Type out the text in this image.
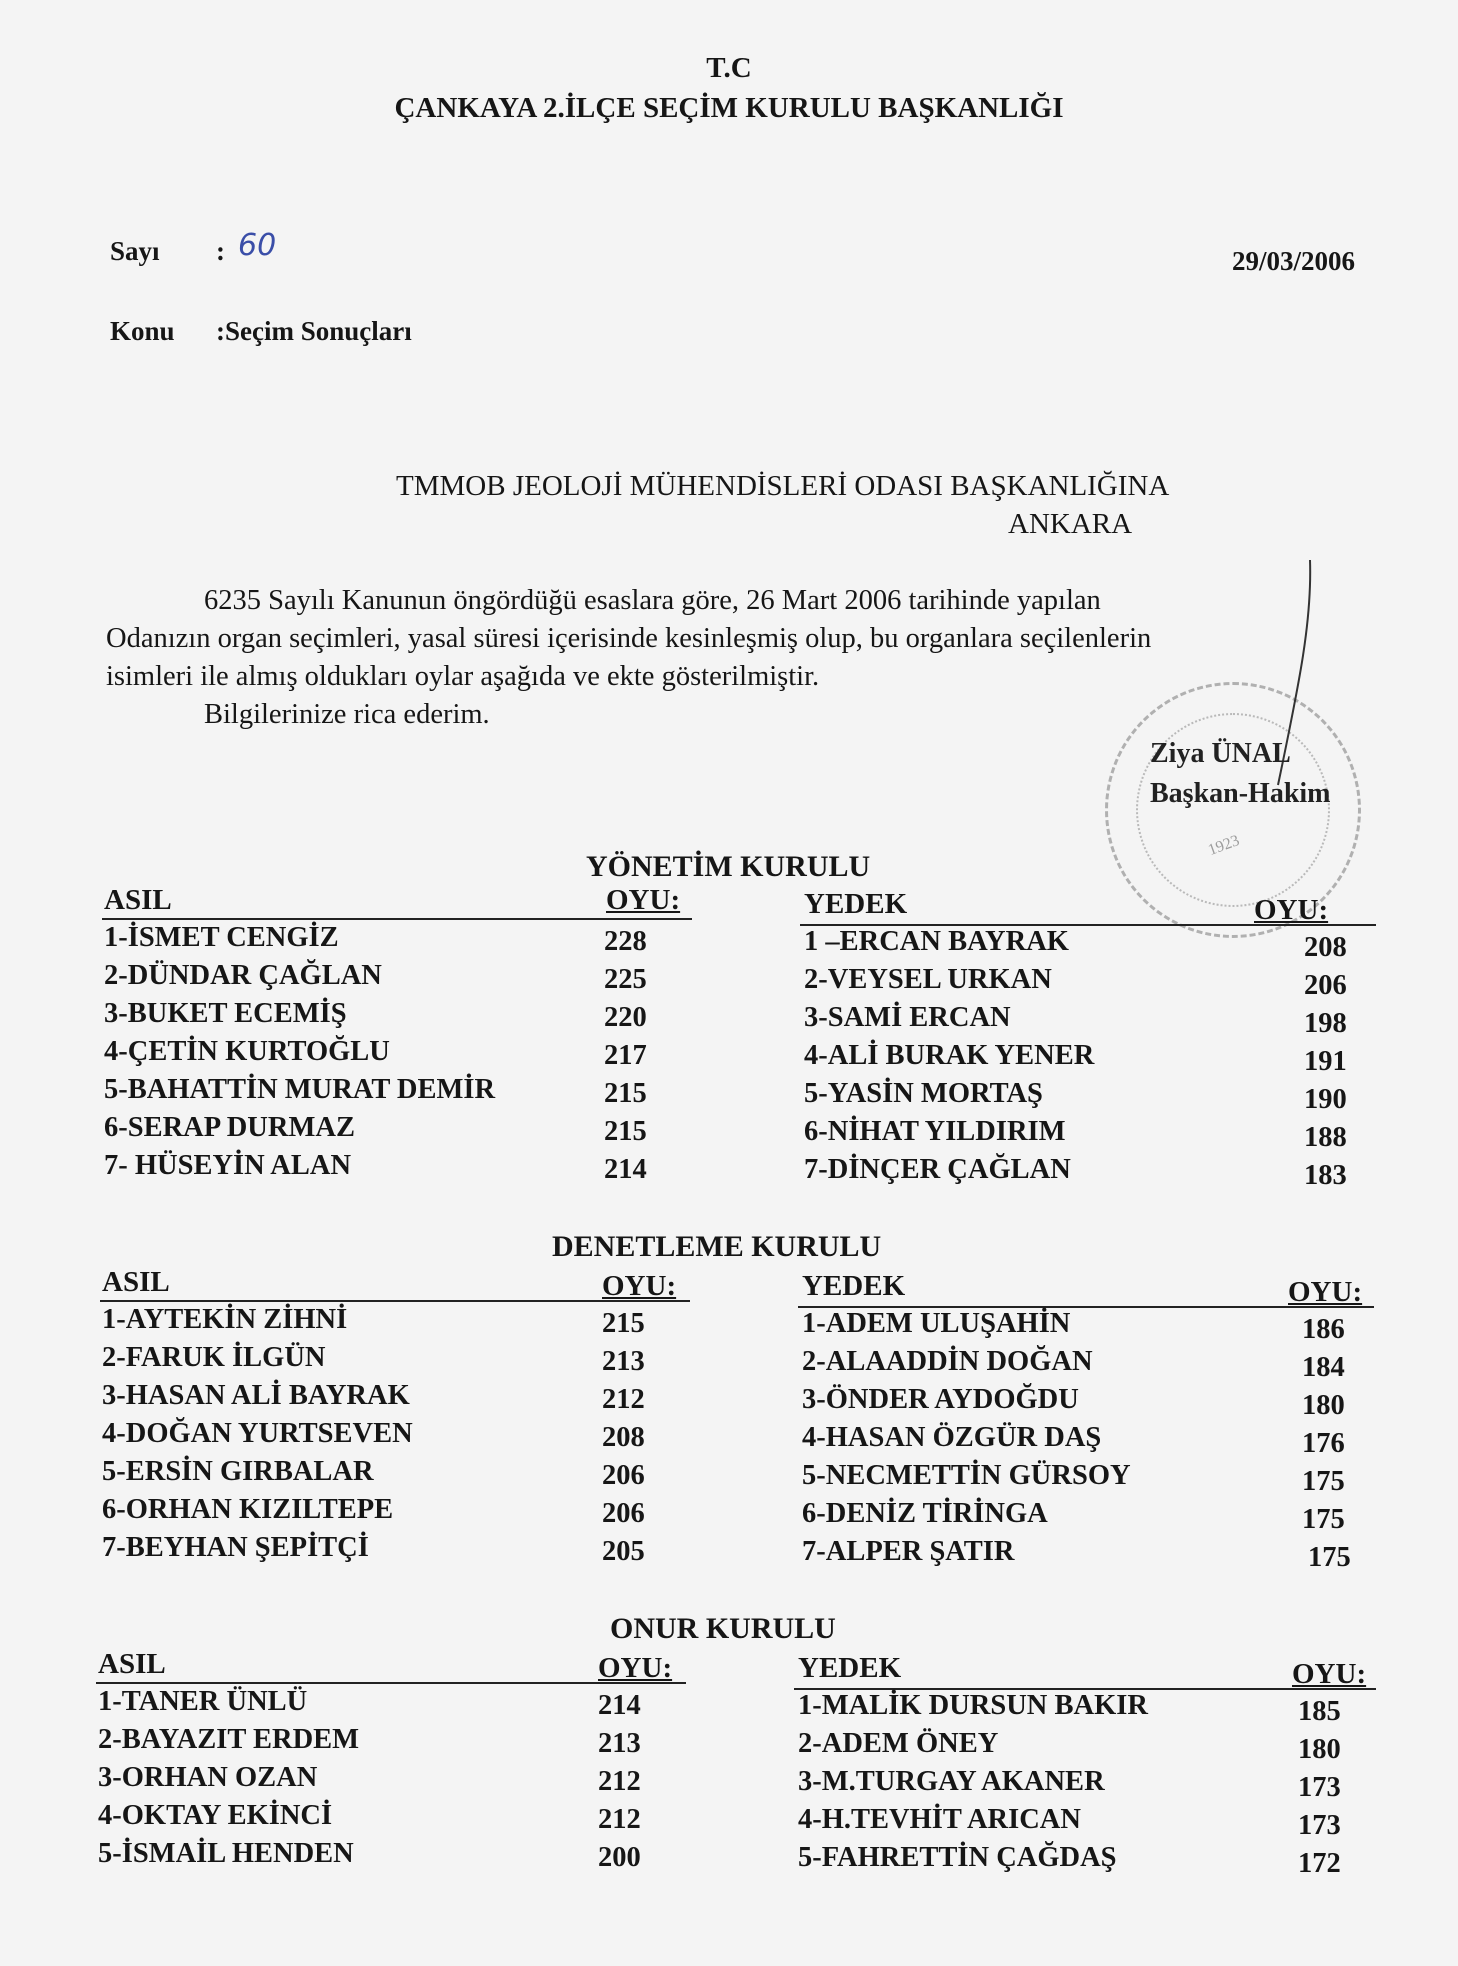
T.C
ÇANKAYA 2.İLÇE SEÇİM KURULU BAŞKANLIĞI
Sayı : 60	29/03/2006
Konu :Seçim Sonuçları
TMMOB JEOLOJİ MÜHENDİSLERİ ODASI BAŞKANLIĞINA
ANKARA
6235 Sayılı Kanunun öngördüğü esaslara göre, 26 Mart 2006 tarihinde yapılan
Odanızın organ seçimleri, yasal süresi içerisinde kesinleşmiş olup, bu organlara seçilenlerin
isimleri ile almış oldukları oylar aşağıda ve ekte gösterilmiştir.
Bilgilerinize rica ederim.
1923
Ziya ÜNAL
Başkan-Hakim
YÖNETİM KURULU
ASIL	OYU:	YEDEK	OYU:
1-İSMET CENGİZ	228
2-DÜNDAR ÇAĞLAN	225
3-BUKET ECEMİŞ	220
4-ÇETİN KURTOĞLU	217
5-BAHATTİN MURAT DEMİR	215
6-SERAP DURMAZ	215
7- HÜSEYİN ALAN	214
1 –ERCAN BAYRAK	208
2-VEYSEL URKAN	206
3-SAMİ ERCAN	198
4-ALİ BURAK YENER	191
5-YASİN MORTAŞ	190
6-NİHAT YILDIRIM	188
7-DİNÇER ÇAĞLAN	183
DENETLEME KURULU
ASIL	OYU:	YEDEK	OYU:
1-AYTEKİN ZİHNİ	215
2-FARUK İLGÜN	213
3-HASAN ALİ BAYRAK	212
4-DOĞAN YURTSEVEN	208
5-ERSİN GIRBALAR	206
6-ORHAN KIZILTEPE	206
7-BEYHAN ŞEPİTÇİ	205
1-ADEM ULUŞAHİN	186
2-ALAADDİN DOĞAN	184
3-ÖNDER AYDOĞDU	180
4-HASAN ÖZGÜR DAŞ	176
5-NECMETTİN GÜRSOY	175
6-DENİZ TİRİNGA	175
7-ALPER ŞATIR	175
ONUR KURULU
ASIL	OYU:	YEDEK	OYU:
1-TANER ÜNLÜ	214
2-BAYAZIT ERDEM	213
3-ORHAN OZAN	212
4-OKTAY EKİNCİ	212
5-İSMAİL HENDEN	200
1-MALİK DURSUN BAKIR	185
2-ADEM ÖNEY	180
3-M.TURGAY AKANER	173
4-H.TEVHİT ARICAN	173
5-FAHRETTİN ÇAĞDAŞ	172
